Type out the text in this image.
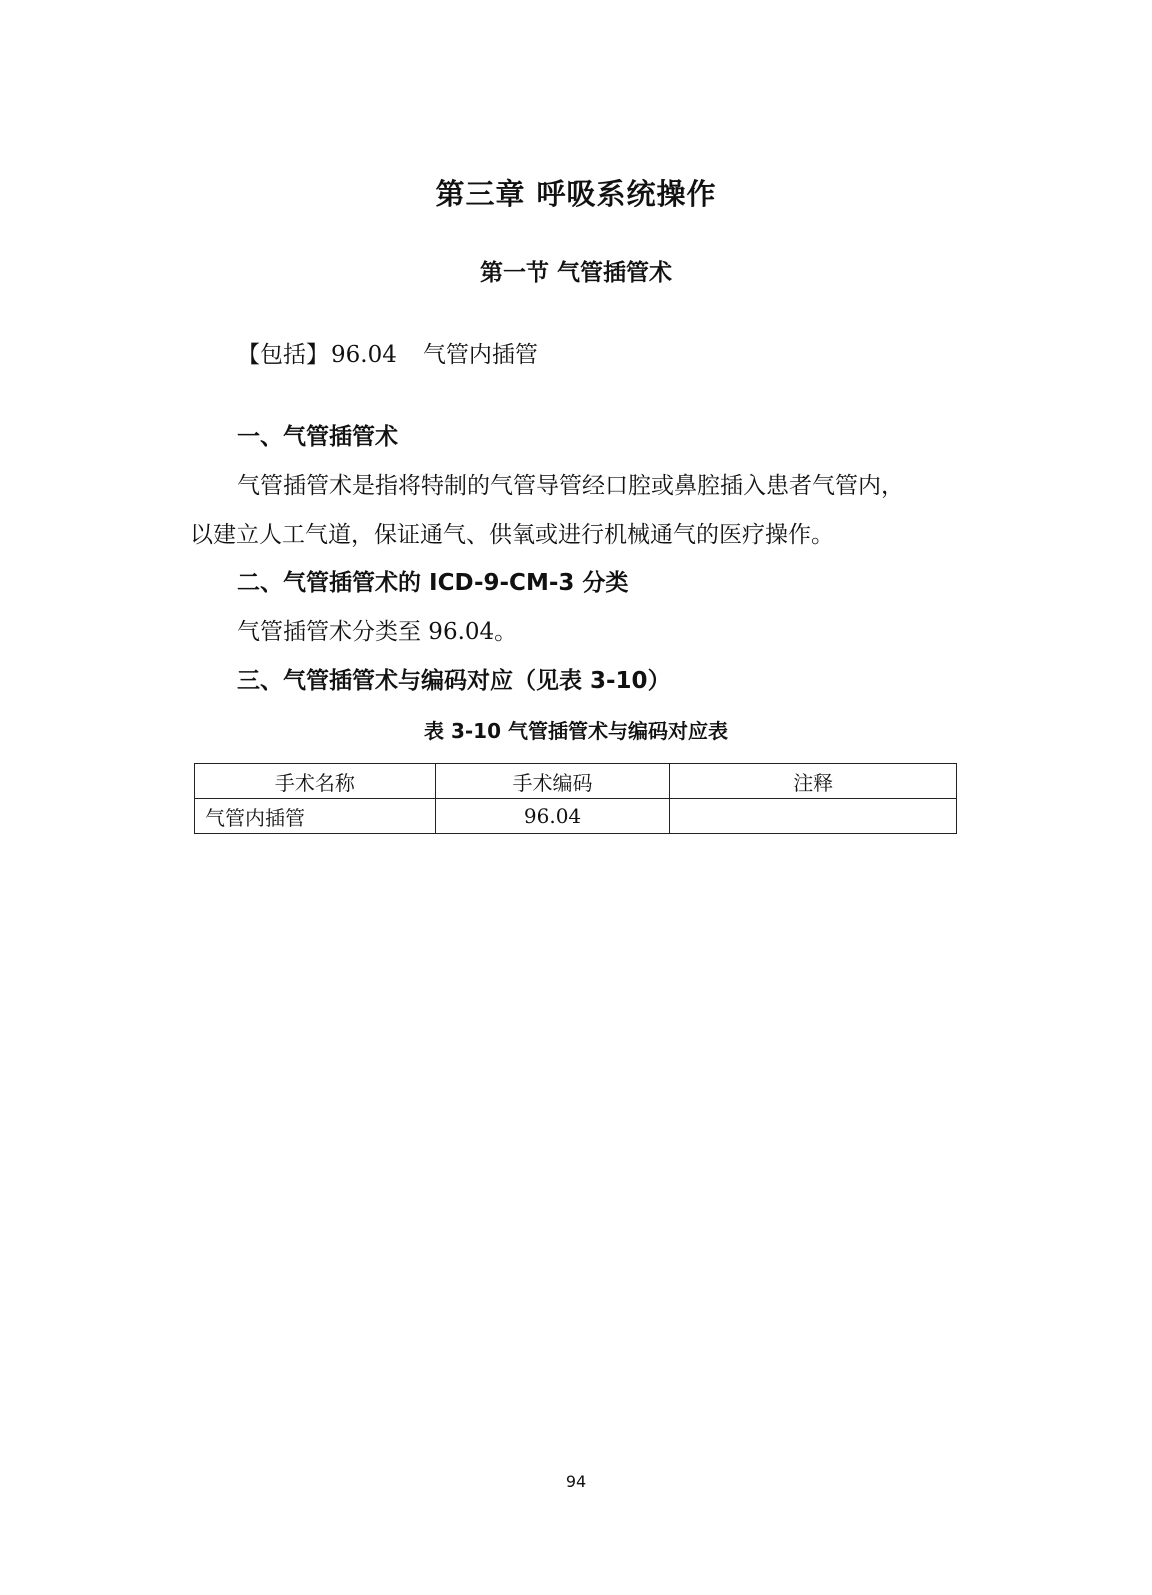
第三章 呼吸系统操作
第一节 气管插管术
【包括】96.04 气管内插管
一、气管插管术
气管插管术是指将特制的气管导管经口腔或鼻腔插入患者气管内，
以建立人工气道，保证通气、供氧或进行机械通气的医疗操作。
二、气管插管术的 ICD-9-CM-3 分类
气管插管术分类至 96.04。
三、气管插管术与编码对应（见表 3-10）
表 3-10 气管插管术与编码对应表
手术名称	手术编码	注释
气管内插管	96.04	
94
